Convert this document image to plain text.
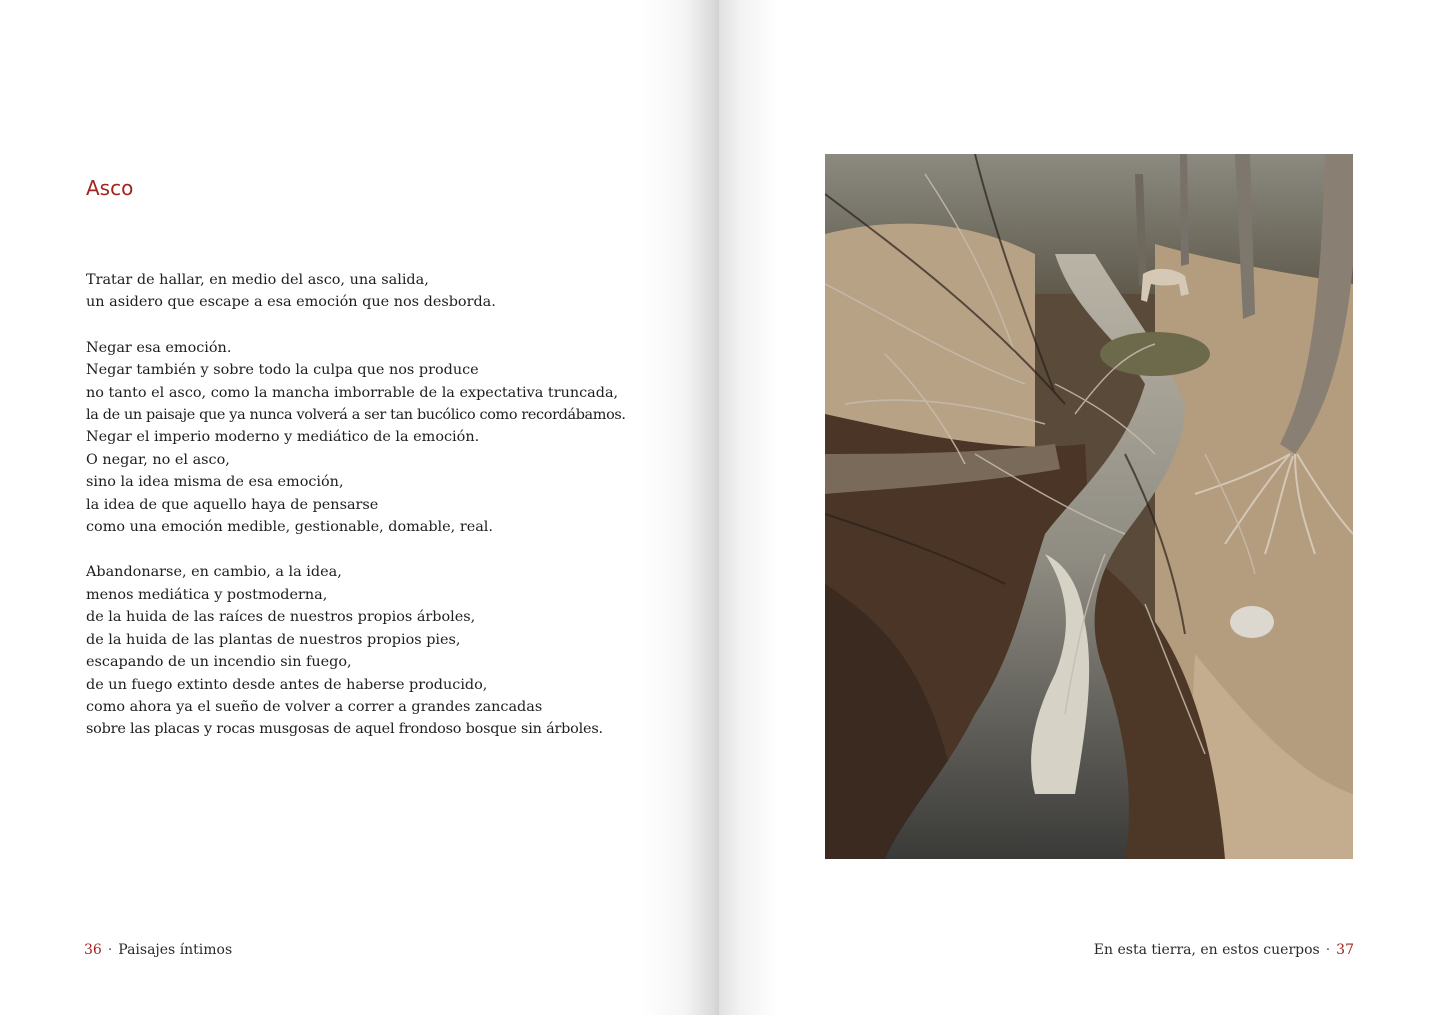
Asco
Tratar de hallar, en medio del asco, una salida,
un asidero que escape a esa emoción que nos desborda.
Negar esa emoción.
Negar también y sobre todo la culpa que nos produce
no tanto el asco, como la mancha imborrable de la expectativa truncada,
la de un paisaje que ya nunca volverá a ser tan bucólico como recordábamos.
Negar el imperio moderno y mediático de la emoción.
O negar, no el asco,
sino la idea misma de esa emoción,
la idea de que aquello haya de pensarse
como una emoción medible, gestionable, domable, real.
Abandonarse, en cambio, a la idea,
menos mediática y postmoderna,
de la huida de las raíces de nuestros propios árboles,
de la huida de las plantas de nuestros propios pies,
escapando de un incendio sin fuego,
de un fuego extinto desde antes de haberse producido,
como ahora ya el sueño de volver a correr a grandes zancadas
sobre las placas y rocas musgosas de aquel frondoso bosque sin árboles.
36 · Paisajes íntimos	En esta tierra, en estos cuerpos · 37
